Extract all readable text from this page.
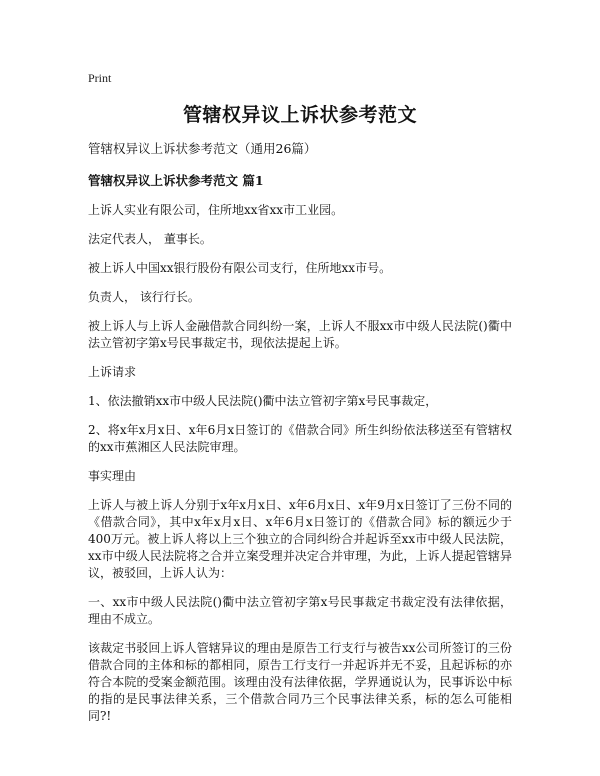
Print
管辖权异议上诉状参考范文
管辖权异议上诉状参考范文（通用26篇）
管辖权异议上诉状参考范文 篇1

上诉人实业有限公司，住所地xx省xx市工业园。

法定代表人， 董事长。

被上诉人中国xx银行股份有限公司支行，住所地xx市号。

负责人， 该行行长。

被上诉人与上诉人金融借款合同纠纷一案，上诉人不服xx市中级人民法院()衢中法立管初字第x号民事裁定书，现依法提起上诉。

上诉请求

1、依法撤销xx市中级人民法院()衢中法立管初字第x号民事裁定，

2、将x年x月x日、x年6月x日签订的《借款合同》所生纠纷依法移送至有管辖权的xx市蕉湘区人民法院审理。

事实理由

上诉人与被上诉人分别于x年x月x日、x年6月x日、x年9月x日签订了三份不同的《借款合同》，其中x年x月x日、x年6月x日签订的《借款合同》标的额远少于400万元。被上诉人将以上三个独立的合同纠纷合并起诉至xx市中级人民法院，xx市中级人民法院将之合并立案受理并决定合并审理，为此，上诉人提起管辖异议，被驳回，上诉人认为：

一、xx市中级人民法院()衢中法立管初字第x号民事裁定书裁定没有法律依据，理由不成立。

该裁定书驳回上诉人管辖异议的理由是原告工行支行与被告xx公司所签订的三份借款合同的主体和标的都相同，原告工行支行一并起诉并无不妥，且起诉标的亦符合本院的受案金额范围。该理由没有法律依据，学界通说认为，民事诉讼中标的指的是民事法律关系，三个借款合同乃三个民事法律关系，标的怎么可能相同?!
